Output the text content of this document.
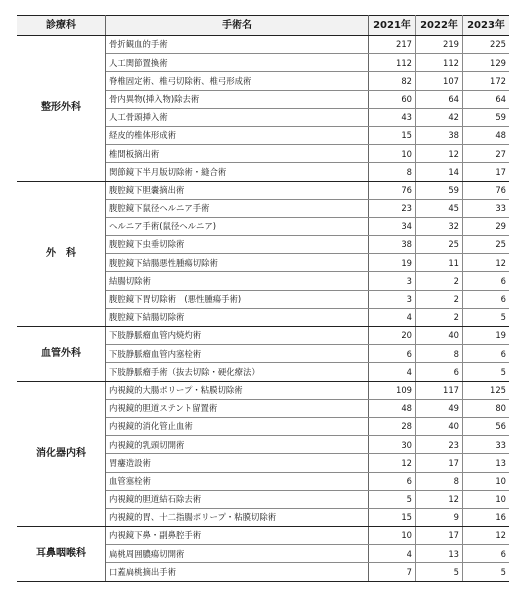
診療科	手術名	2021年	2022年	2023年
整形外科	骨折観血的手術	217	219	225
	人工関節置換術	112	112	129
	脊椎固定術、椎弓切除術、椎弓形成術	82	107	172
	骨内異物(挿入物)除去術	60	64	64
	人工骨頭挿入術	43	42	59
	経皮的椎体形成術	15	38	48
	椎間板摘出術	10	12	27
	関節鏡下半月版切除術・縫合術	8	14	17
外　科	腹腔鏡下胆嚢摘出術	76	59	76
	腹腔鏡下鼠径ヘルニア手術	23	45	33
	ヘルニア手術(鼠径ヘルニア)	34	32	29
	腹腔鏡下虫垂切除術	38	25	25
	腹腔鏡下結腸悪性腫瘍切除術	19	11	12
	結腸切除術	3	2	6
	腹腔鏡下胃切除術　(悪性腫瘍手術)	3	2	6
	腹腔鏡下結腸切除術	4	2	5
血管外科	下肢静脈瘤血管内焼灼術	20	40	19
	下肢静脈瘤血管内塞栓術	6	8	6
	下肢静脈瘤手術（抜去切除・硬化療法）	4	6	5
消化器内科	内視鏡的大腸ポリープ・粘膜切除術	109	117	125
	内視鏡的胆道ステント留置術	48	49	80
	内視鏡的消化管止血術	28	40	56
	内視鏡的乳頭切開術	30	23	33
	胃瘻造設術	12	17	13
	血管塞栓術	6	8	10
	内視鏡的胆道結石除去術	5	12	10
	内視鏡的胃、十二指腸ポリープ・粘膜切除術	15	9	16
耳鼻咽喉科	内視鏡下鼻・副鼻腔手術	10	17	12
	扁桃周囲膿瘍切開術	4	13	6
	口蓋扁桃摘出手術	7	5	5
